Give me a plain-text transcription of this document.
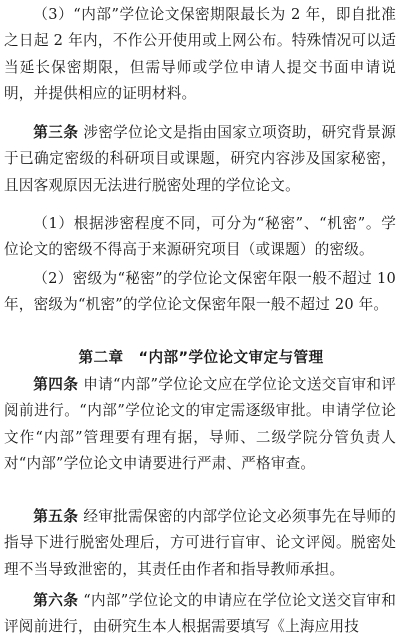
（3）“内部”学位论文保密期限最长为 2 年，即自批准之日起 2 年内，不作公开使用或上网公布。特殊情况可以适当延长保密期限，但需导师或学位申请人提交书面申请说明，并提供相应的证明材料。

第三条 涉密学位论文是指由国家立项资助，研究背景源于已确定密级的科研项目或课题，研究内容涉及国家秘密，且因客观原因无法进行脱密处理的学位论文。

（1）根据涉密程度不同，可分为“秘密”、“机密”。学位论文的密级不得高于来源研究项目（或课题）的密级。

（2）密级为“秘密”的学位论文保密年限一般不超过 10 年，密级为“机密”的学位论文保密年限一般不超过 20 年。

第二章　“内部”学位论文审定与管理

第四条 申请“内部”学位论文应在学位论文送交盲审和评阅前进行。“内部”学位论文的审定需逐级审批。申请学位论文作“内部”管理要有理有据，导师、二级学院分管负责人对“内部”学位论文申请要进行严肃、严格审查。

第五条 经审批需保密的内部学位论文必须事先在导师的指导下进行脱密处理后，方可进行盲审、论文评阅。脱密处理不当导致泄密的，其责任由作者和指导教师承担。

第六条 “内部”学位论文的申请应在学位论文送交盲审和评阅前进行，由研究生本人根据需要填写《上海应用技
